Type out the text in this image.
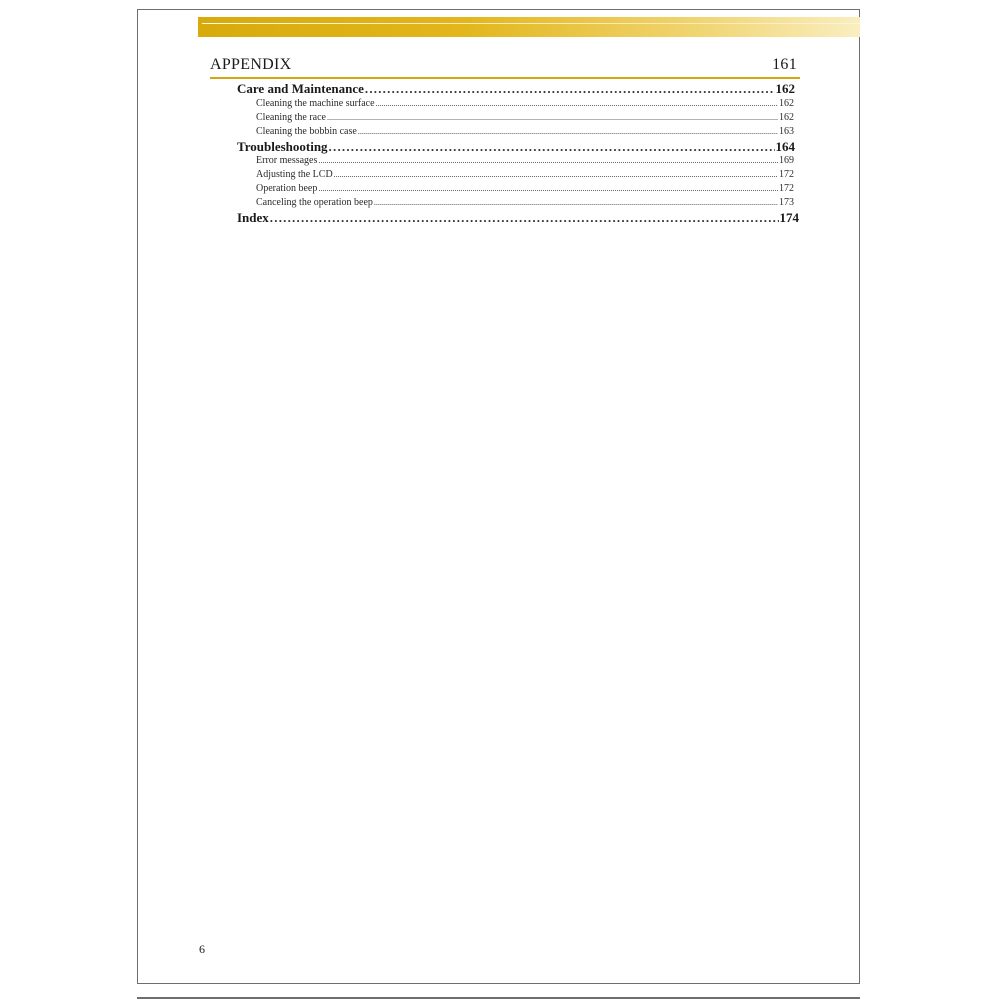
APPENDIX	161
Care and Maintenance .....	162
Cleaning the machine surface .....	162
Cleaning the race .....	162
Cleaning the bobbin case .....	163
Troubleshooting .....	164
Error messages .....	169
Adjusting the LCD .....	172
Operation beep .....	172
Canceling the operation beep .....	173
Index .....	174
6
